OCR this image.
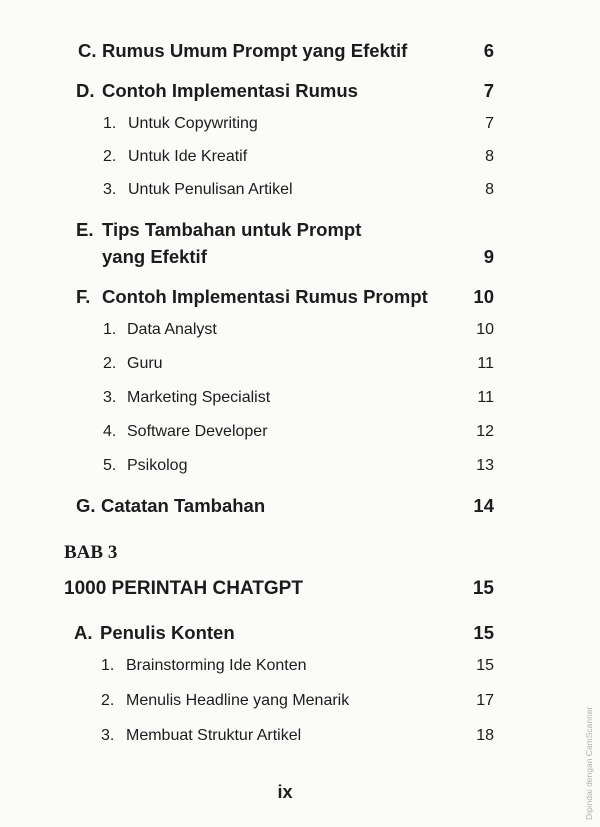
C. Rumus Umum Prompt yang Efektif	6
D. Contoh Implementasi Rumus	7
1. Untuk Copywriting	7
2. Untuk Ide Kreatif	8
3. Untuk Penulisan Artikel	8
E. Tips Tambahan untuk Prompt
yang Efektif	9
F. Contoh Implementasi Rumus Prompt 10
1. Data Analyst	10
2. Guru	11
3. Marketing Specialist	11
4. Software Developer	12
5. Psikolog	13
G. Catatan Tambahan	14
BAB 3
1000 PERINTAH CHATGPT	15
A. Penulis Konten	15
1. Brainstorming Ide Konten	15
2. Menulis Headline yang Menarik	17
3. Membuat Struktur Artikel	18
ix	Dipindai dengan CamScanner
